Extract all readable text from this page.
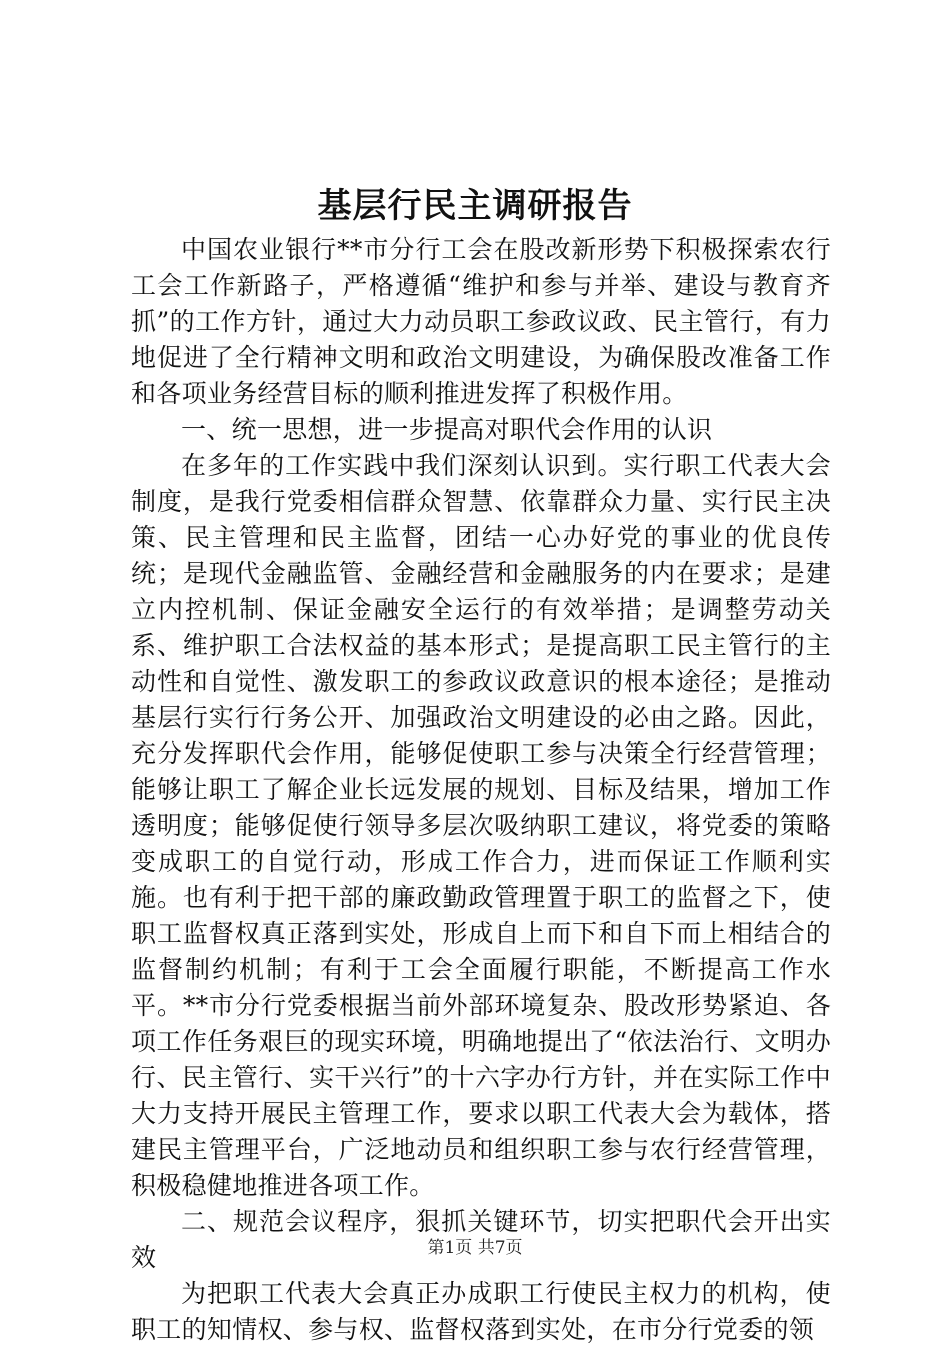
基层行民主调研报告

中国农业银行**市分行工会在股改新形势下积极探索农行工会工作新路子，严格遵循“维护和参与并举、建设与教育齐抓”的工作方针，通过大力动员职工参政议政、民主管行，有力地促进了全行精神文明和政治文明建设，为确保股改准备工作和各项业务经营目标的顺利推进发挥了积极作用。

一、统一思想，进一步提高对职代会作用的认识

在多年的工作实践中我们深刻认识到。实行职工代表大会制度，是我行党委相信群众智慧、依靠群众力量、实行民主决策、民主管理和民主监督，团结一心办好党的事业的优良传统；是现代金融监管、金融经营和金融服务的内在要求；是建立内控机制、保证金融安全运行的有效举措；是调整劳动关系、维护职工合法权益的基本形式；是提高职工民主管行的主动性和自觉性、激发职工的参政议政意识的根本途径；是推动基层行实行行务公开、加强政治文明建设的必由之路。因此，充分发挥职代会作用，能够促使职工参与决策全行经营管理；能够让职工了解企业长远发展的规划、目标及结果，增加工作透明度；能够促使行领导多层次吸纳职工建议，将党委的策略变成职工的自觉行动，形成工作合力，进而保证工作顺利实施。也有利于把干部的廉政勤政管理置于职工的监督之下，使职工监督权真正落到实处，形成自上而下和自下而上相结合的监督制约机制；有利于工会全面履行职能，不断提高工作水平。**市分行党委根据当前外部环境复杂、股改形势紧迫、各项工作任务艰巨的现实环境，明确地提出了“依法治行、文明办行、民主管行、实干兴行”的十六字办行方针，并在实际工作中大力支持开展民主管理工作，要求以职工代表大会为载体，搭建民主管理平台，广泛地动员和组织职工参与农行经营管理，积极稳健地推进各项工作。

二、规范会议程序，狠抓关键环节，切实把职代会开出实效

为把职工代表大会真正办成职工行使民主权力的机构，使职工的知情权、参与权、监督权落到实处，在市分行党委的领

第1页 共7页
